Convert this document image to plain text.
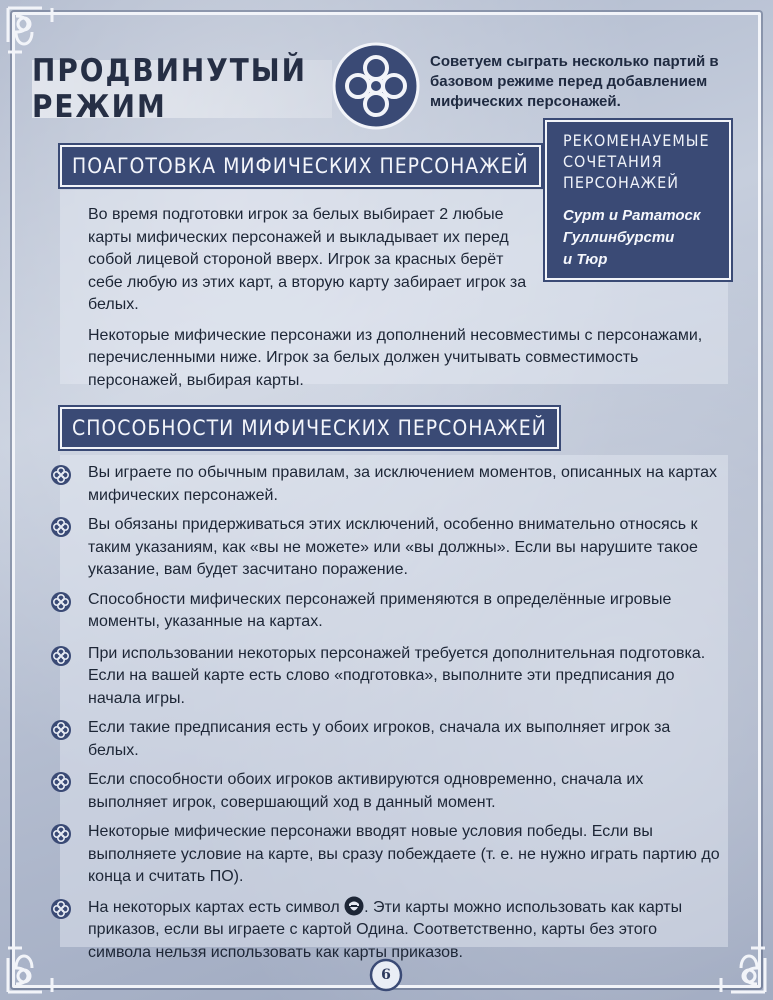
ПРОДВИНУТЫЙ РЕЖИМ
Советуем сыграть несколько партий в базовом режиме перед добавлением мифических персонажей.
ПОАГОТОВКА МИФИЧЕСКИХ ПЕРСОНАЖЕЙ

Во время подготовки игрок за белых выбирает 2 любые карты мифических персонажей и выкладывает их перед собой лицевой стороной вверх. Игрок за красных берёт себе любую из этих карт, а вторую карту забирает игрок за белых.

Некоторые мифические персонажи из дополнений несовместимы с персонажами, перечисленными ниже. Игрок за белых должен учитывать совместимость персонажей, выбирая карты.

РЕКОМЕНАУЕМЫЕ СОЧЕТАНИЯ ПЕРСОНАЖЕЙ
Сурт и Рататоск
Гуллинбурсти
и Тюр
СПОСОБНОСТИ МИФИЧЕСКИХ ПЕРСОНАЖЕЙ
Вы играете по обычным правилам, за исключением моментов, описанных на картах мифических персонажей.
Вы обязаны придерживаться этих исключений, особенно внимательно относясь к таким указаниям, как «вы не можете» или «вы должны». Если вы нарушите такое указание, вам будет засчитано поражение.
Способности мифических персонажей применяются в определённые игровые моменты, указанные на картах.
При использовании некоторых персонажей требуется дополнительная подготовка. Если на вашей карте есть слово «подготовка», выполните эти предписания до начала игры.
Если такие предписания есть у обоих игроков, сначала их выполняет игрок за белых.
Если способности обоих игроков активируются одновременно, сначала их выполняет игрок, совершающий ход в данный момент.
Некоторые мифические персонажи вводят новые условия победы. Если вы выполняете условие на карте, вы сразу побеждаете (т. е. не нужно играть партию до конца и считать ПО).
На некоторых картах есть символ . Эти карты можно использовать как карты приказов, если вы играете с картой Одина. Соответственно, карты без этого символа нельзя использовать как карты приказов.
6
